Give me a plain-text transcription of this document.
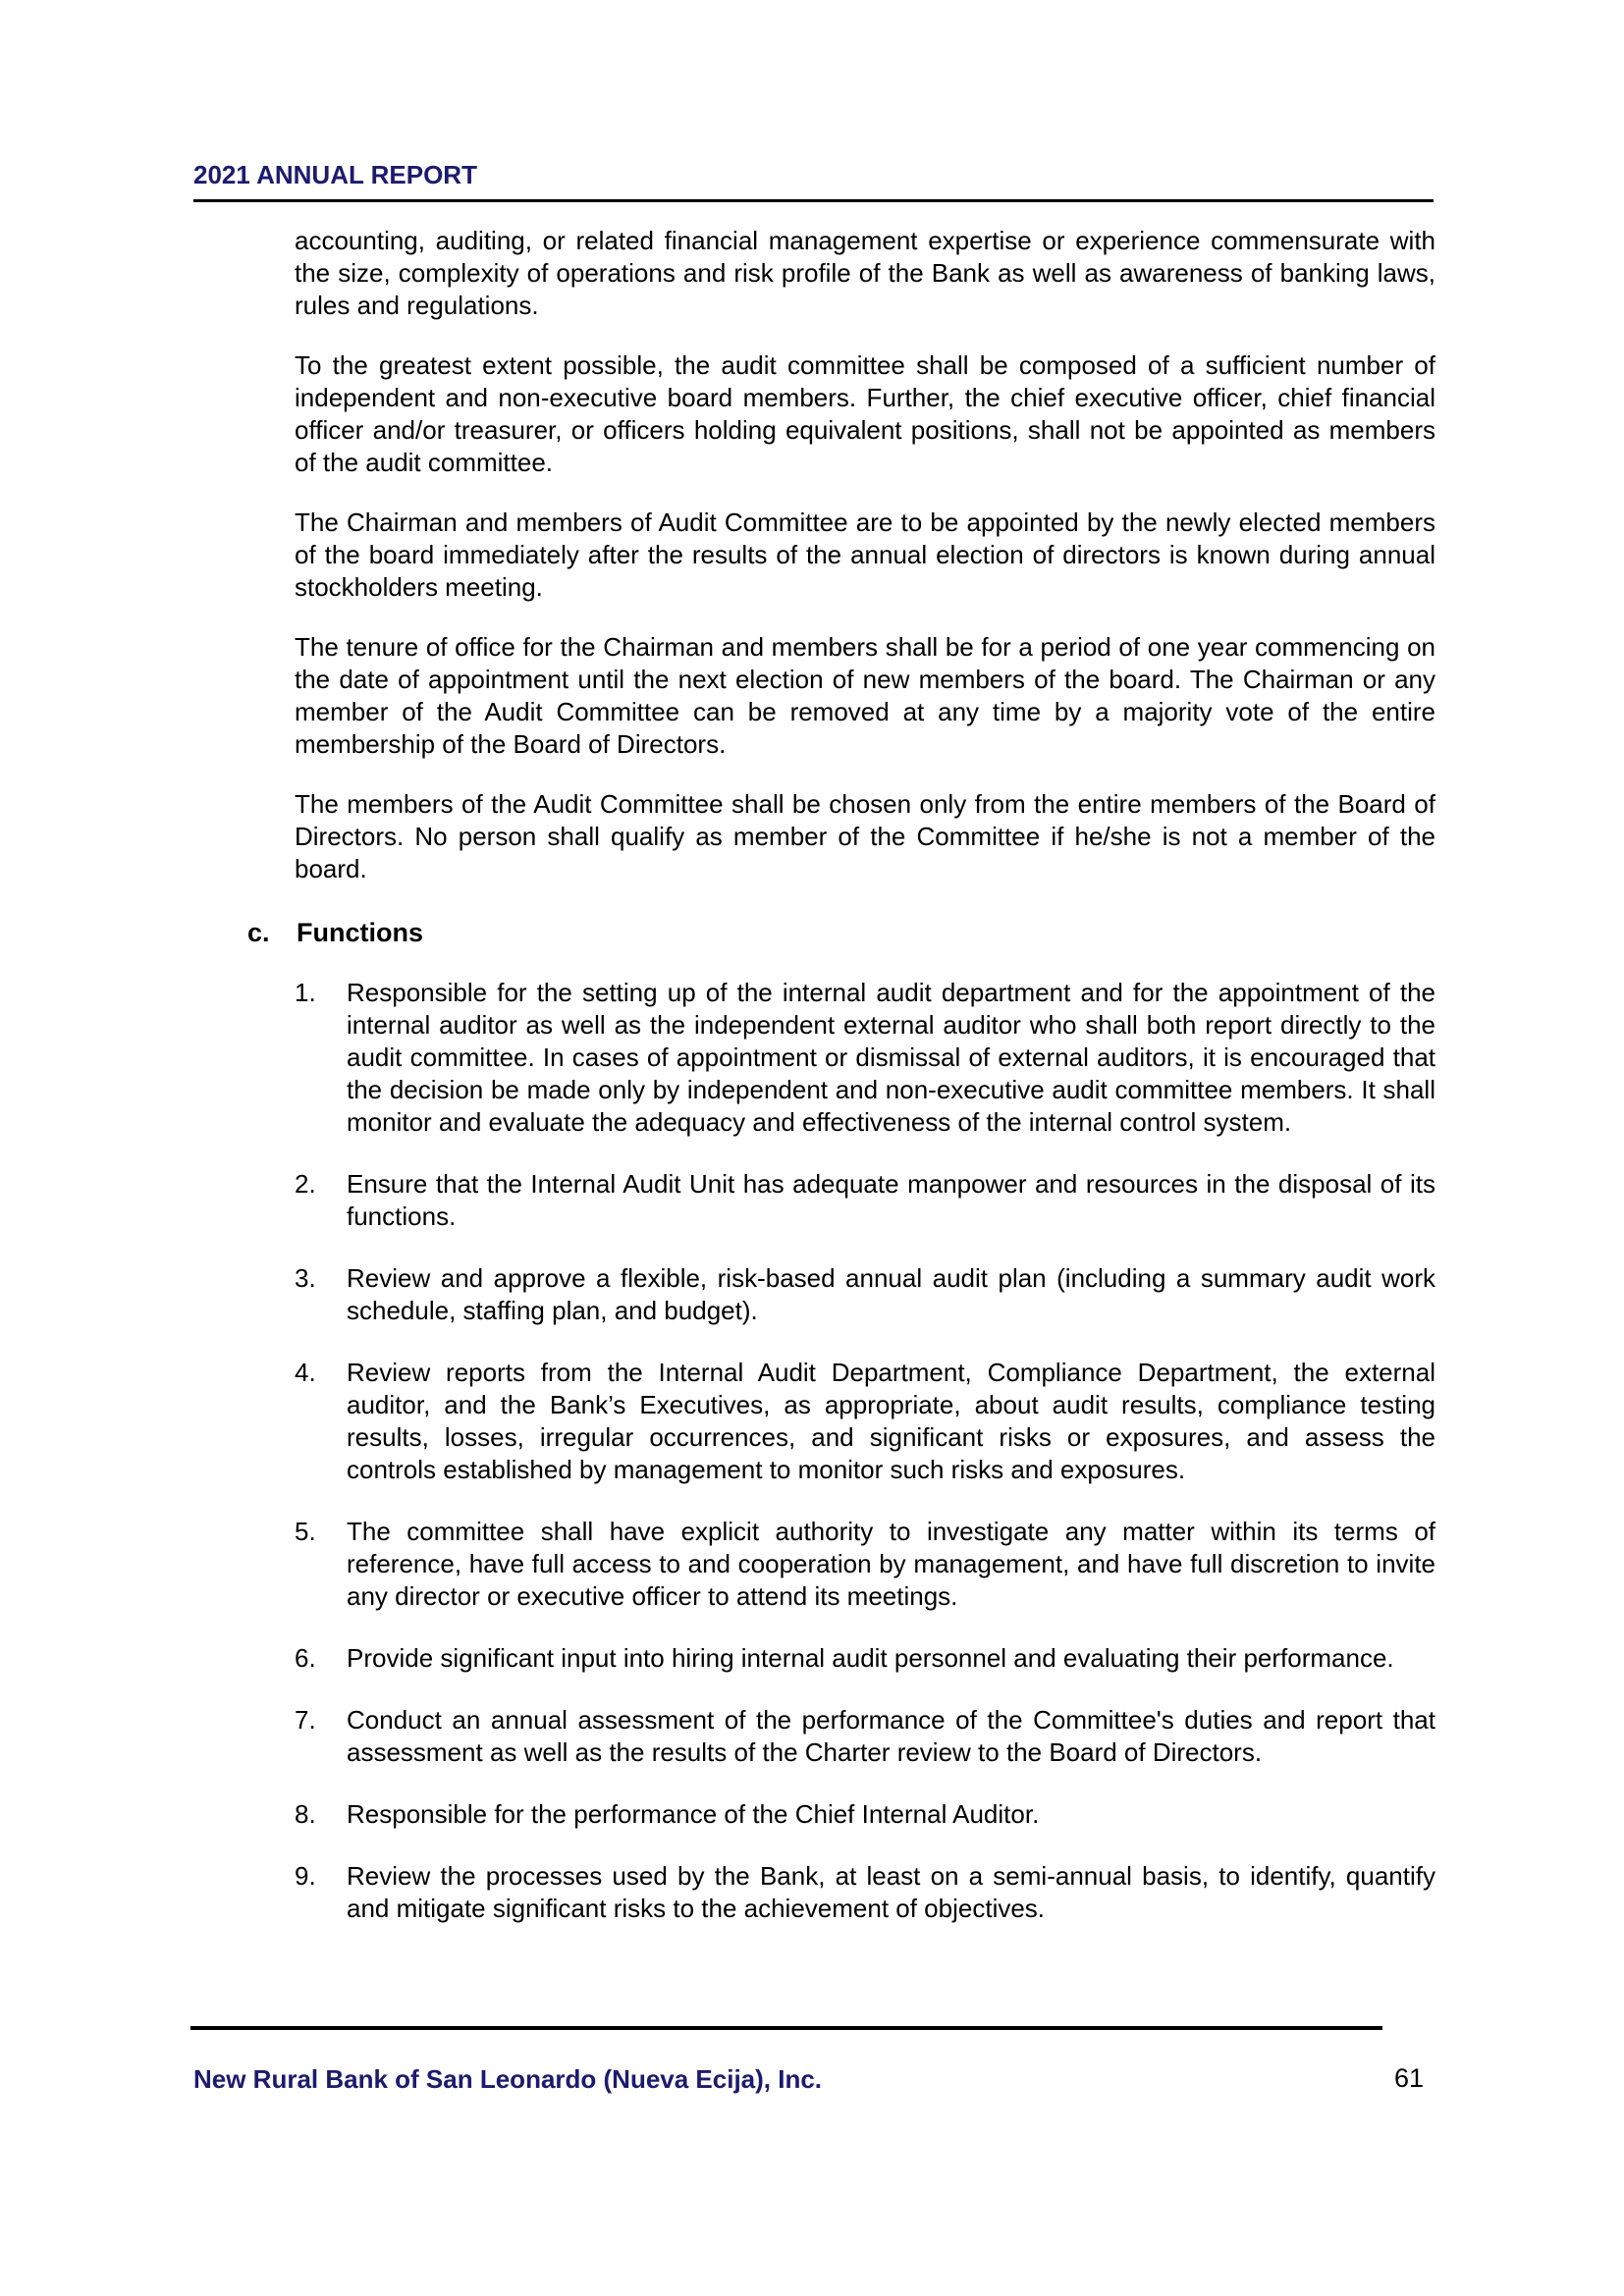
2021 ANNUAL REPORT

accounting, auditing, or related financial management expertise or experience commensurate with the size, complexity of operations and risk profile of the Bank as well as awareness of banking laws, rules and regulations.

To the greatest extent possible, the audit committee shall be composed of a sufficient number of independent and non-executive board members. Further, the chief executive officer, chief financial officer and/or treasurer, or officers holding equivalent positions, shall not be appointed as members of the audit committee.

The Chairman and members of Audit Committee are to be appointed by the newly elected members of the board immediately after the results of the annual election of directors is known during annual stockholders meeting.

The tenure of office for the Chairman and members shall be for a period of one year commencing on the date of appointment until the next election of new members of the board. The Chairman or any member of the Audit Committee can be removed at any time by a majority vote of the entire membership of the Board of Directors.

The members of the Audit Committee shall be chosen only from the entire members of the Board of Directors. No person shall qualify as member of the Committee if he/she is not a member of the board.

c. Functions
1.	Responsible for the setting up of the internal audit department and for the appointment of the internal auditor as well as the independent external auditor who shall both report directly to the audit committee. In cases of appointment or dismissal of external auditors, it is encouraged that the decision be made only by independent and non-executive audit committee members. It shall monitor and evaluate the adequacy and effectiveness of the internal control system.
2.	Ensure that the Internal Audit Unit has adequate manpower and resources in the disposal of its functions.
3.	Review and approve a flexible, risk-based annual audit plan (including a summary audit work schedule, staffing plan, and budget).
4.	Review reports from the Internal Audit Department, Compliance Department, the external auditor, and the Bank’s Executives, as appropriate, about audit results, compliance testing results, losses, irregular occurrences, and significant risks or exposures, and assess the controls established by management to monitor such risks and exposures.
5.	The committee shall have explicit authority to investigate any matter within its terms of reference, have full access to and cooperation by management, and have full discretion to invite any director or executive officer to attend its meetings.
6.	Provide significant input into hiring internal audit personnel and evaluating their performance.
7.	Conduct an annual assessment of the performance of the Committee's duties and report that assessment as well as the results of the Charter review to the Board of Directors.
8.	Responsible for the performance of the Chief Internal Auditor.
9.	Review the processes used by the Bank, at least on a semi-annual basis, to identify, quantify and mitigate significant risks to the achievement of objectives.
New Rural Bank of San Leonardo (Nueva Ecija), Inc.	61
